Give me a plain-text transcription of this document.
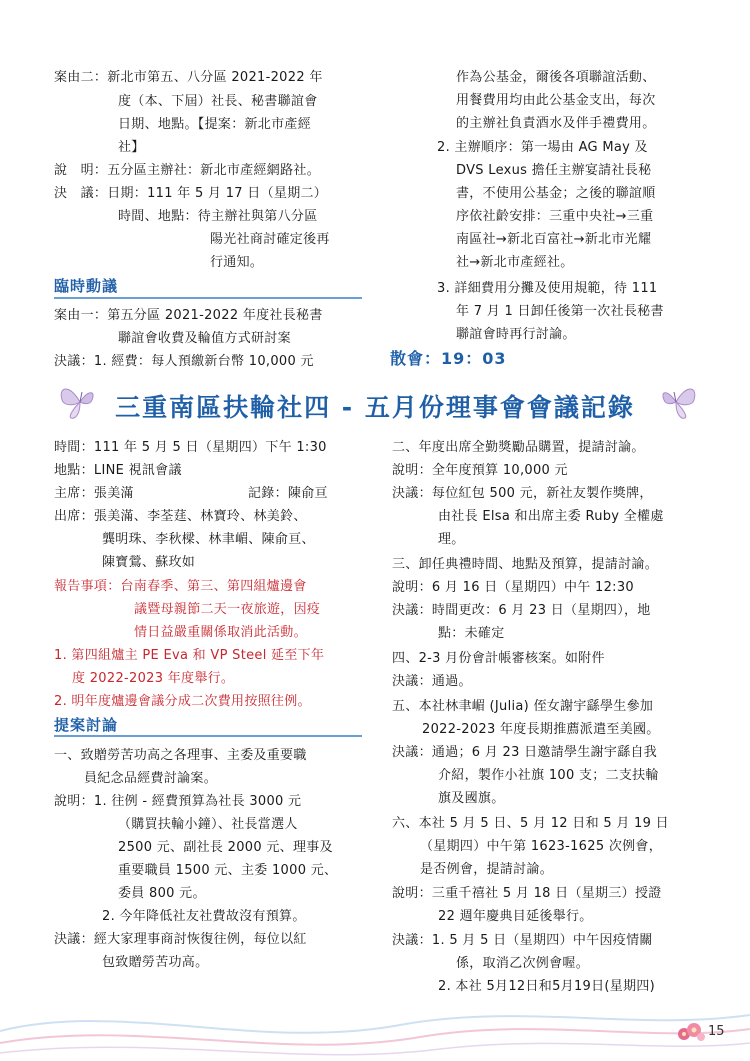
案由二：新北市第五、八分區 2021-2022 年
度（本、下屆）社長、秘書聯誼會
日期、地點。【提案：新北市產經
社】
說　明：五分區主辦社：新北市產經網路社。
決　議：日期：111 年 5 月 17 日（星期二）
時間、地點：待主辦社與第八分區
陽光社商討確定後再
行通知。
臨時動議
案由一：第五分區 2021-2022 年度社長秘書
聯誼會收費及輪值方式研討案
決議：1. 經費：每人預繳新台幣 10,000 元
作為公基金，爾後各項聯誼活動、
用餐費用均由此公基金支出，每次
的主辦社負責酒水及伴手禮費用。
2. 主辦順序：第一場由 AG May 及
DVS Lexus 擔任主辦宴請社長秘
書，不使用公基金；之後的聯誼順
序依社齡安排：三重中央社→三重
南區社→新北百富社→新北市光耀
社→新北市產經社。
3. 詳細費用分攤及使用規範，待 111
年 7 月 1 日卸任後第一次社長秘書
聯誼會時再行討論。
散會：19：03
三重南區扶輪社四 - 五月份理事會會議記錄
時間：111 年 5 月 5 日（星期四）下午 1:30
地點：LINE 視訊會議
主席：張美滿	記錄：陳俞亘
出席：張美滿、李荃莛、林寶玲、林美鈴、
龔明珠、李秋樑、林聿嵋、陳俞亘、
陳寶鶯、蘇玫如
報告事項：台南春季、第三、第四組爐邊會
議暨母親節二天一夜旅遊，因疫
情日益嚴重關係取消此活動。
1. 第四組爐主 PE Eva 和 VP Steel 延至下年
度 2022-2023 年度舉行。
2. 明年度爐邊會議分成二次費用按照往例。
提案討論
一、致贈勞苦功高之各理事、主委及重要職
員紀念品經費討論案。
說明：1. 往例 - 經費預算為社長 3000 元
（購買扶輪小鐘）、社長當選人
2500 元、副社長 2000 元、理事及
重要職員 1500 元、主委 1000 元、
委員 800 元。
2. 今年降低社友社費故沒有預算。
決議：經大家理事商討恢復往例，每位以紅
包致贈勞苦功高。
二、年度出席全勤獎勵品購置，提請討論。
說明：全年度預算 10,000 元
決議：每位紅包 500 元，新社友製作獎牌，
由社長 Elsa 和出席主委 Ruby 全權處
理。
三、卸任典禮時間、地點及預算，提請討論。
說明：6 月 16 日（星期四）中午 12:30
決議：時間更改：6 月 23 日（星期四），地
點：未確定
四、2-3 月份會計帳審核案。如附件
決議：通過。
五、本社林聿嵋 (Julia) 侄女謝宇繇學生參加
2022-2023 年度長期推薦派遣至美國。
決議：通過；6 月 23 日邀請學生謝宇繇自我
介紹，製作小社旗 100 支；二支扶輪
旗及國旗。
六、本社 5 月 5 日、5 月 12 日和 5 月 19 日
（星期四）中午第 1623-1625 次例會，
是否例會，提請討論。
說明：三重千禧社 5 月 18 日（星期三）授證
22 週年慶典目延後舉行。
決議：1. 5 月 5 日（星期四）中午因疫情關
係，取消乙次例會喔。
2. 本社 5月12日和5月19日(星期四)
15
